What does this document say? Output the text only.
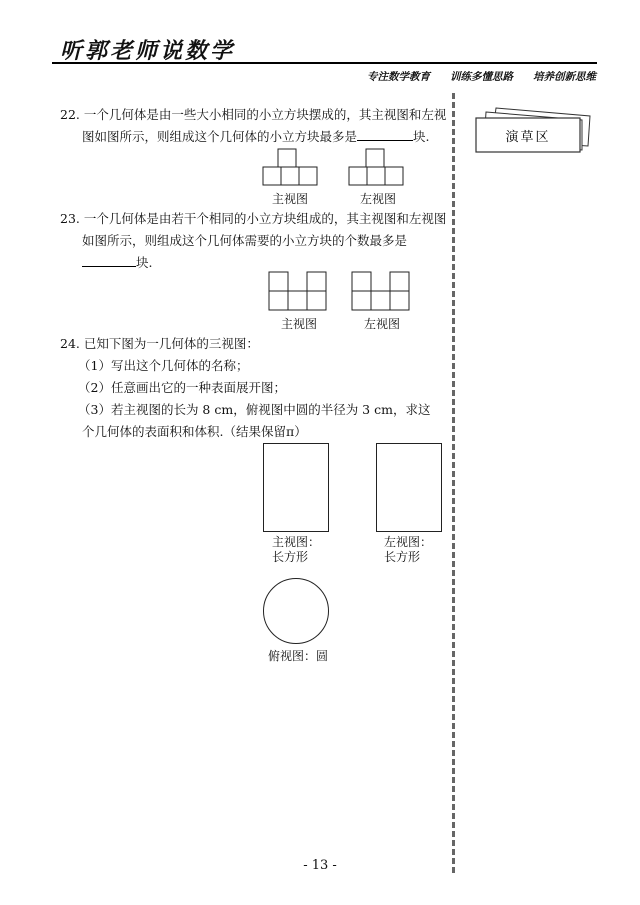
听郭老师说数学
专注数学教育 训练多懂思路 培养创新思维
演草区
22. 一个几何体是由一些大小相同的小立方块摆成的，其主视图和左视
图如图所示，则组成这个几何体的小立方块最多是	块.
主视图	左视图
23. 一个几何体是由若干个相同的小立方块组成的，其主视图和左视图
如图所示，则组成这个几何体需要的小立方块的个数最多是
块.
主视图	左视图
24. 已知下图为一几何体的三视图：
（1）写出这个几何体的名称；
（2）任意画出它的一种表面展开图；
（3）若主视图的长为 8 cm，俯视图中圆的半径为 3 cm，求这
个几何体的表面积和体积.（结果保留π）
主视图：
长方形
左视图：
长方形
俯视图：圆
- 13 -
